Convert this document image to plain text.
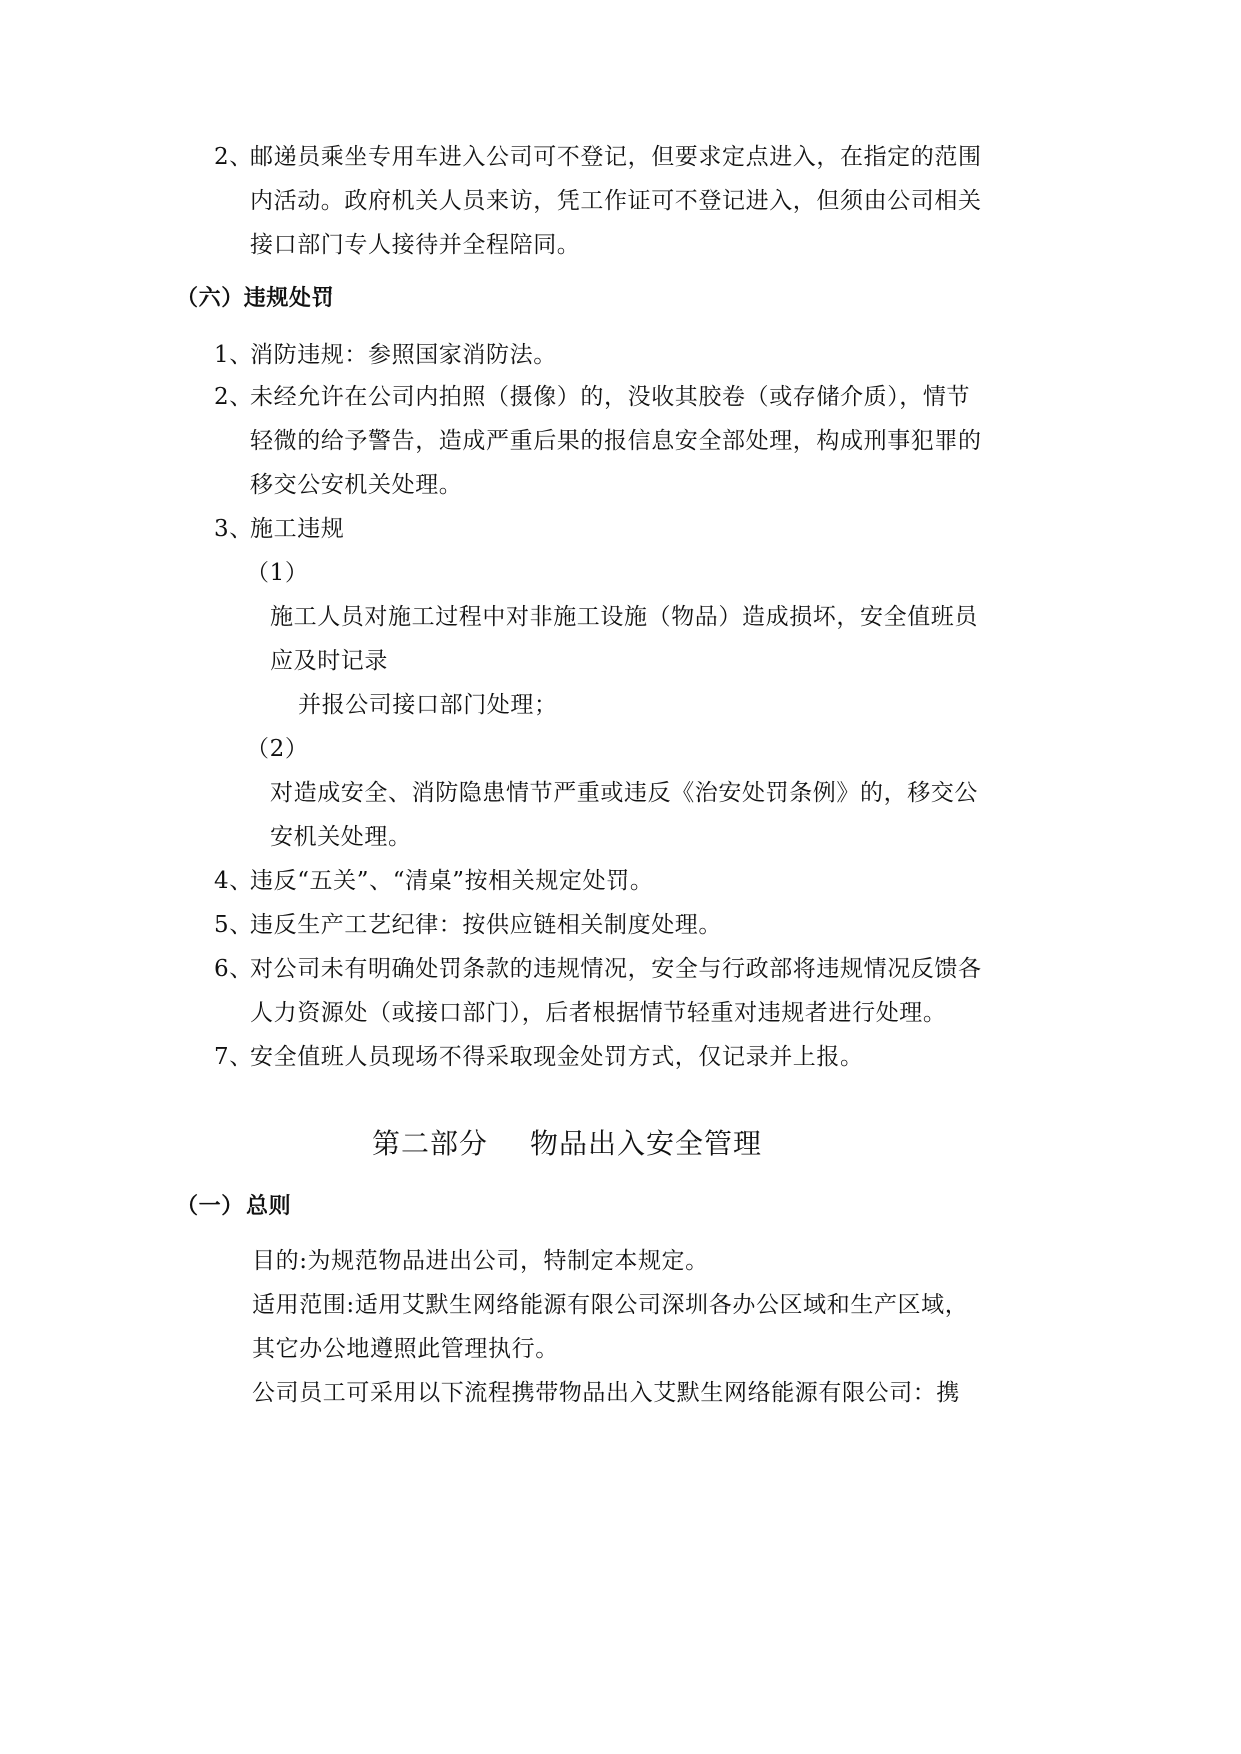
2、
邮递员乘坐专用车进入公司可不登记，但要求定点进入，在指定的范围
内活动。政府机关人员来访，凭工作证可不登记进入，但须由公司相关
接口部门专人接待并全程陪同。
（六）违规处罚
1、
消防违规：参照国家消防法。
2、
未经允许在公司内拍照（摄像）的，没收其胶卷（或存储介质），情节
轻微的给予警告，造成严重后果的报信息安全部处理，构成刑事犯罪的
移交公安机关处理。
3、
施工违规
（1）
施工人员对施工过程中对非施工设施（物品）造成损坏，安全值班员
应及时记录
并报公司接口部门处理；
（2）
对造成安全、消防隐患情节严重或违反《治安处罚条例》的，移交公
安机关处理。
4、
违反“五关”、“清桌”按相关规定处罚。
5、
违反生产工艺纪律：按供应链相关制度处理。
6、
对公司未有明确处罚条款的违规情况，安全与行政部将违规情况反馈各
人力资源处（或接口部门），后者根据情节轻重对违规者进行处理。
7、
安全值班人员现场不得采取现金处罚方式，仅记录并上报。
第二部分 物品出入安全管理
（一） 总则
目的:为规范物品进出公司，特制定本规定。
适用范围:适用艾默生网络能源有限公司深圳各办公区域和生产区域，
其它办公地遵照此管理执行。
公司员工可采用以下流程携带物品出入艾默生网络能源有限公司：携
